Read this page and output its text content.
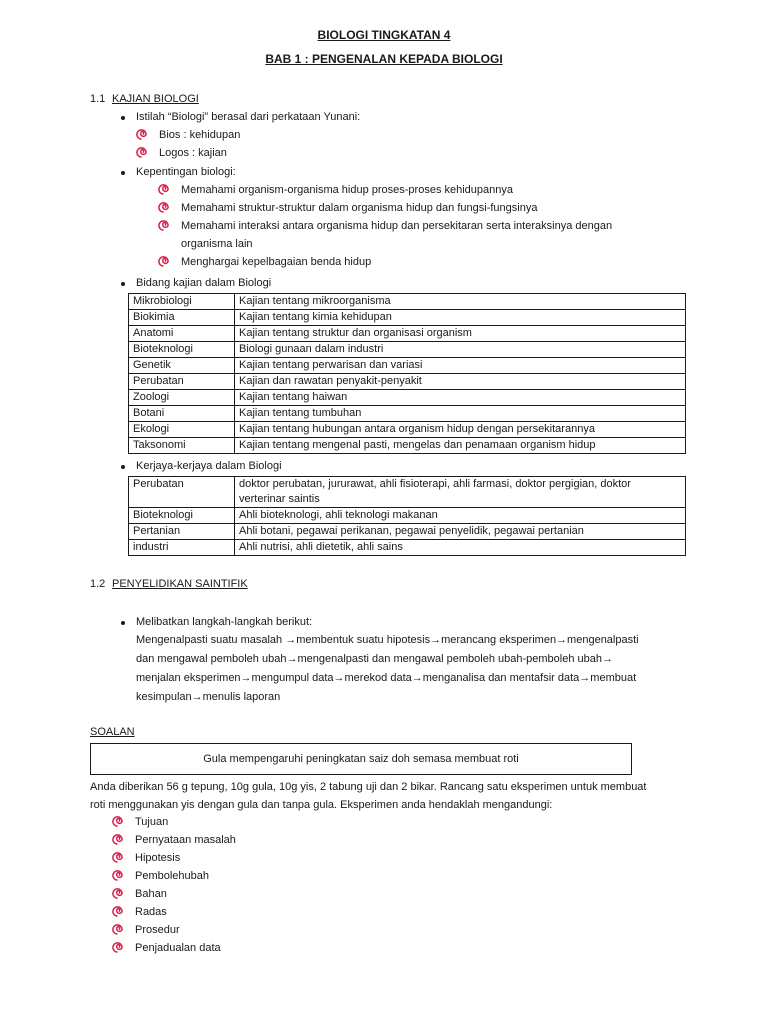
BIOLOGI TINGKATAN 4
BAB 1 : PENGENALAN KEPADA BIOLOGI
1.1 KAJIAN BIOLOGI
Istilah “Biologi” berasal dari perkataan Yunani:
Bios : kehidupan
Logos : kajian
Kepentingan biologi:
Memahami organism-organisma hidup proses-proses kehidupannya
Memahami struktur-struktur dalam organisma hidup dan fungsi-fungsinya
Memahami interaksi antara organisma hidup dan persekitaran serta interaksinya dengan
organisma lain
Menghargai kepelbagaian benda hidup
Bidang kajian dalam Biologi
Mikrobiologi	Kajian tentang mikroorganisma
Biokimia	Kajian tentang kimia kehidupan
Anatomi	Kajian tentang struktur dan organisasi organism
Bioteknologi	Biologi gunaan dalam industri
Genetik	Kajian tentang perwarisan dan variasi
Perubatan	Kajian dan rawatan penyakit-penyakit
Zoologi	Kajian tentang haiwan
Botani	Kajian tentang tumbuhan
Ekologi	Kajian tentang hubungan antara organism hidup dengan persekitarannya
Taksonomi	Kajian tentang mengenal pasti, mengelas dan penamaan organism hidup
Kerjaya-kerjaya dalam Biologi
Perubatan	doktor perubatan, jururawat, ahli fisioterapi, ahli farmasi, doktor pergigian, doktor
verterinar saintis

Bioteknologi	Ahli bioteknologi, ahli teknologi makanan
Pertanian	Ahli botani, pegawai perikanan, pegawai penyelidik, pegawai pertanian
industri	Ahli nutrisi, ahli dietetik, ahli sains
1.2 PENYELIDIKAN SAINTIFIK
Melibatkan langkah-langkah berikut:
Mengenalpasti suatu masalah →membentuk suatu hipotesis→merancang eksperimen→mengenalpasti
dan mengawal pemboleh ubah→mengenalpasti dan mengawal pemboleh ubah-pemboleh ubah→
menjalan eksperimen→mengumpul data→merekod data→menganalisa dan mentafsir data→membuat
kesimpulan→menulis laporan
SOALAN
Gula mempengaruhi peningkatan saiz doh semasa membuat roti
Anda diberikan 56 g tepung, 10g gula, 10g yis, 2 tabung uji dan 2 bikar. Rancang satu eksperimen untuk membuat
roti menggunakan yis dengan gula dan tanpa gula. Eksperimen anda hendaklah mengandungi:
Tujuan
Pernyataan masalah
Hipotesis
Pembolehubah
Bahan
Radas
Prosedur
Penjadualan data
